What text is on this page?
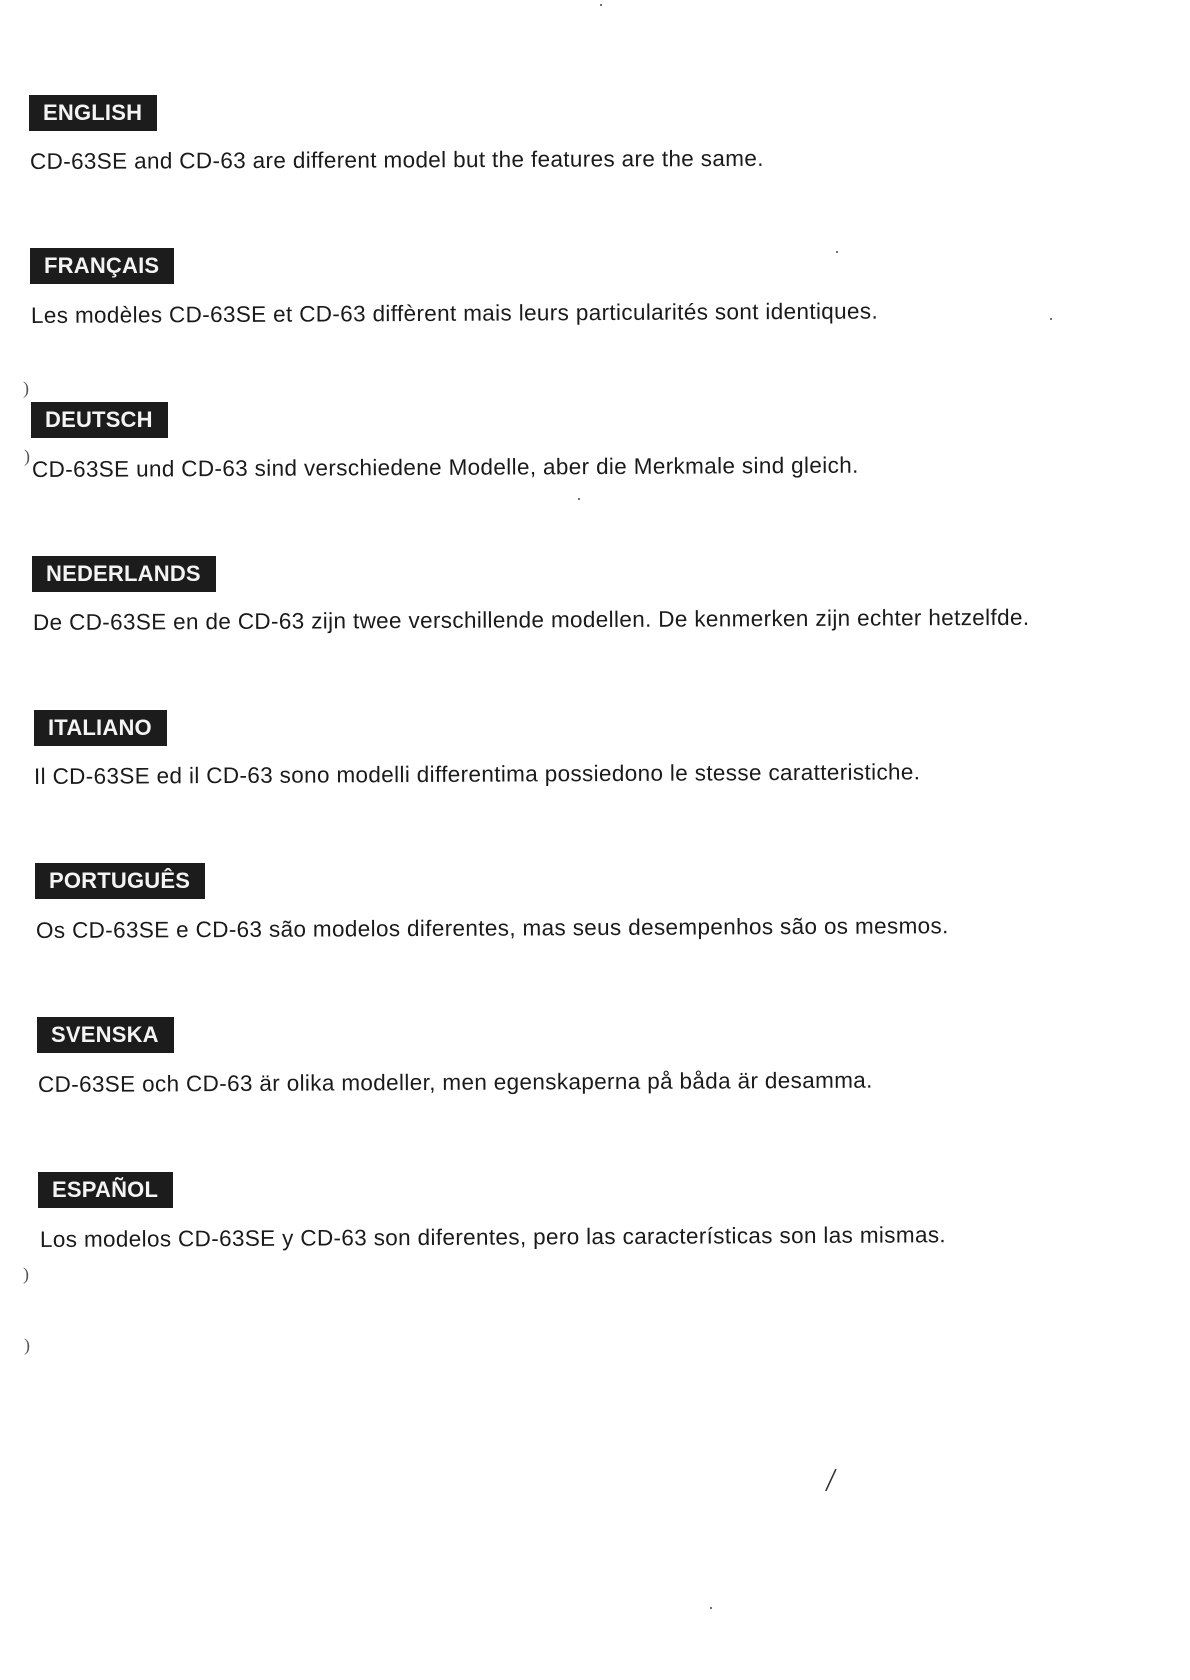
ENGLISH
CD-63SE and CD-63 are different model but the features are the same.
FRANÇAIS
Les modèles CD-63SE et CD-63 diffèrent mais leurs particularités sont identiques.
DEUTSCH
CD-63SE und CD-63 sind verschiedene Modelle, aber die Merkmale sind gleich.
NEDERLANDS
De CD-63SE en de CD-63 zijn twee verschillende modellen. De kenmerken zijn echter hetzelfde.
ITALIANO
Il CD-63SE ed il CD-63 sono modelli differentima possiedono le stesse caratteristiche.
PORTUGUÊS
Os CD-63SE e CD-63 são modelos diferentes, mas seus desempenhos são os mesmos.
SVENSKA
CD-63SE och CD-63 är olika modeller, men egenskaperna på båda är desamma.
ESPAÑOL
Los modelos CD-63SE y CD-63 son diferentes, pero las características son las mismas.
)
)
)
)
/
